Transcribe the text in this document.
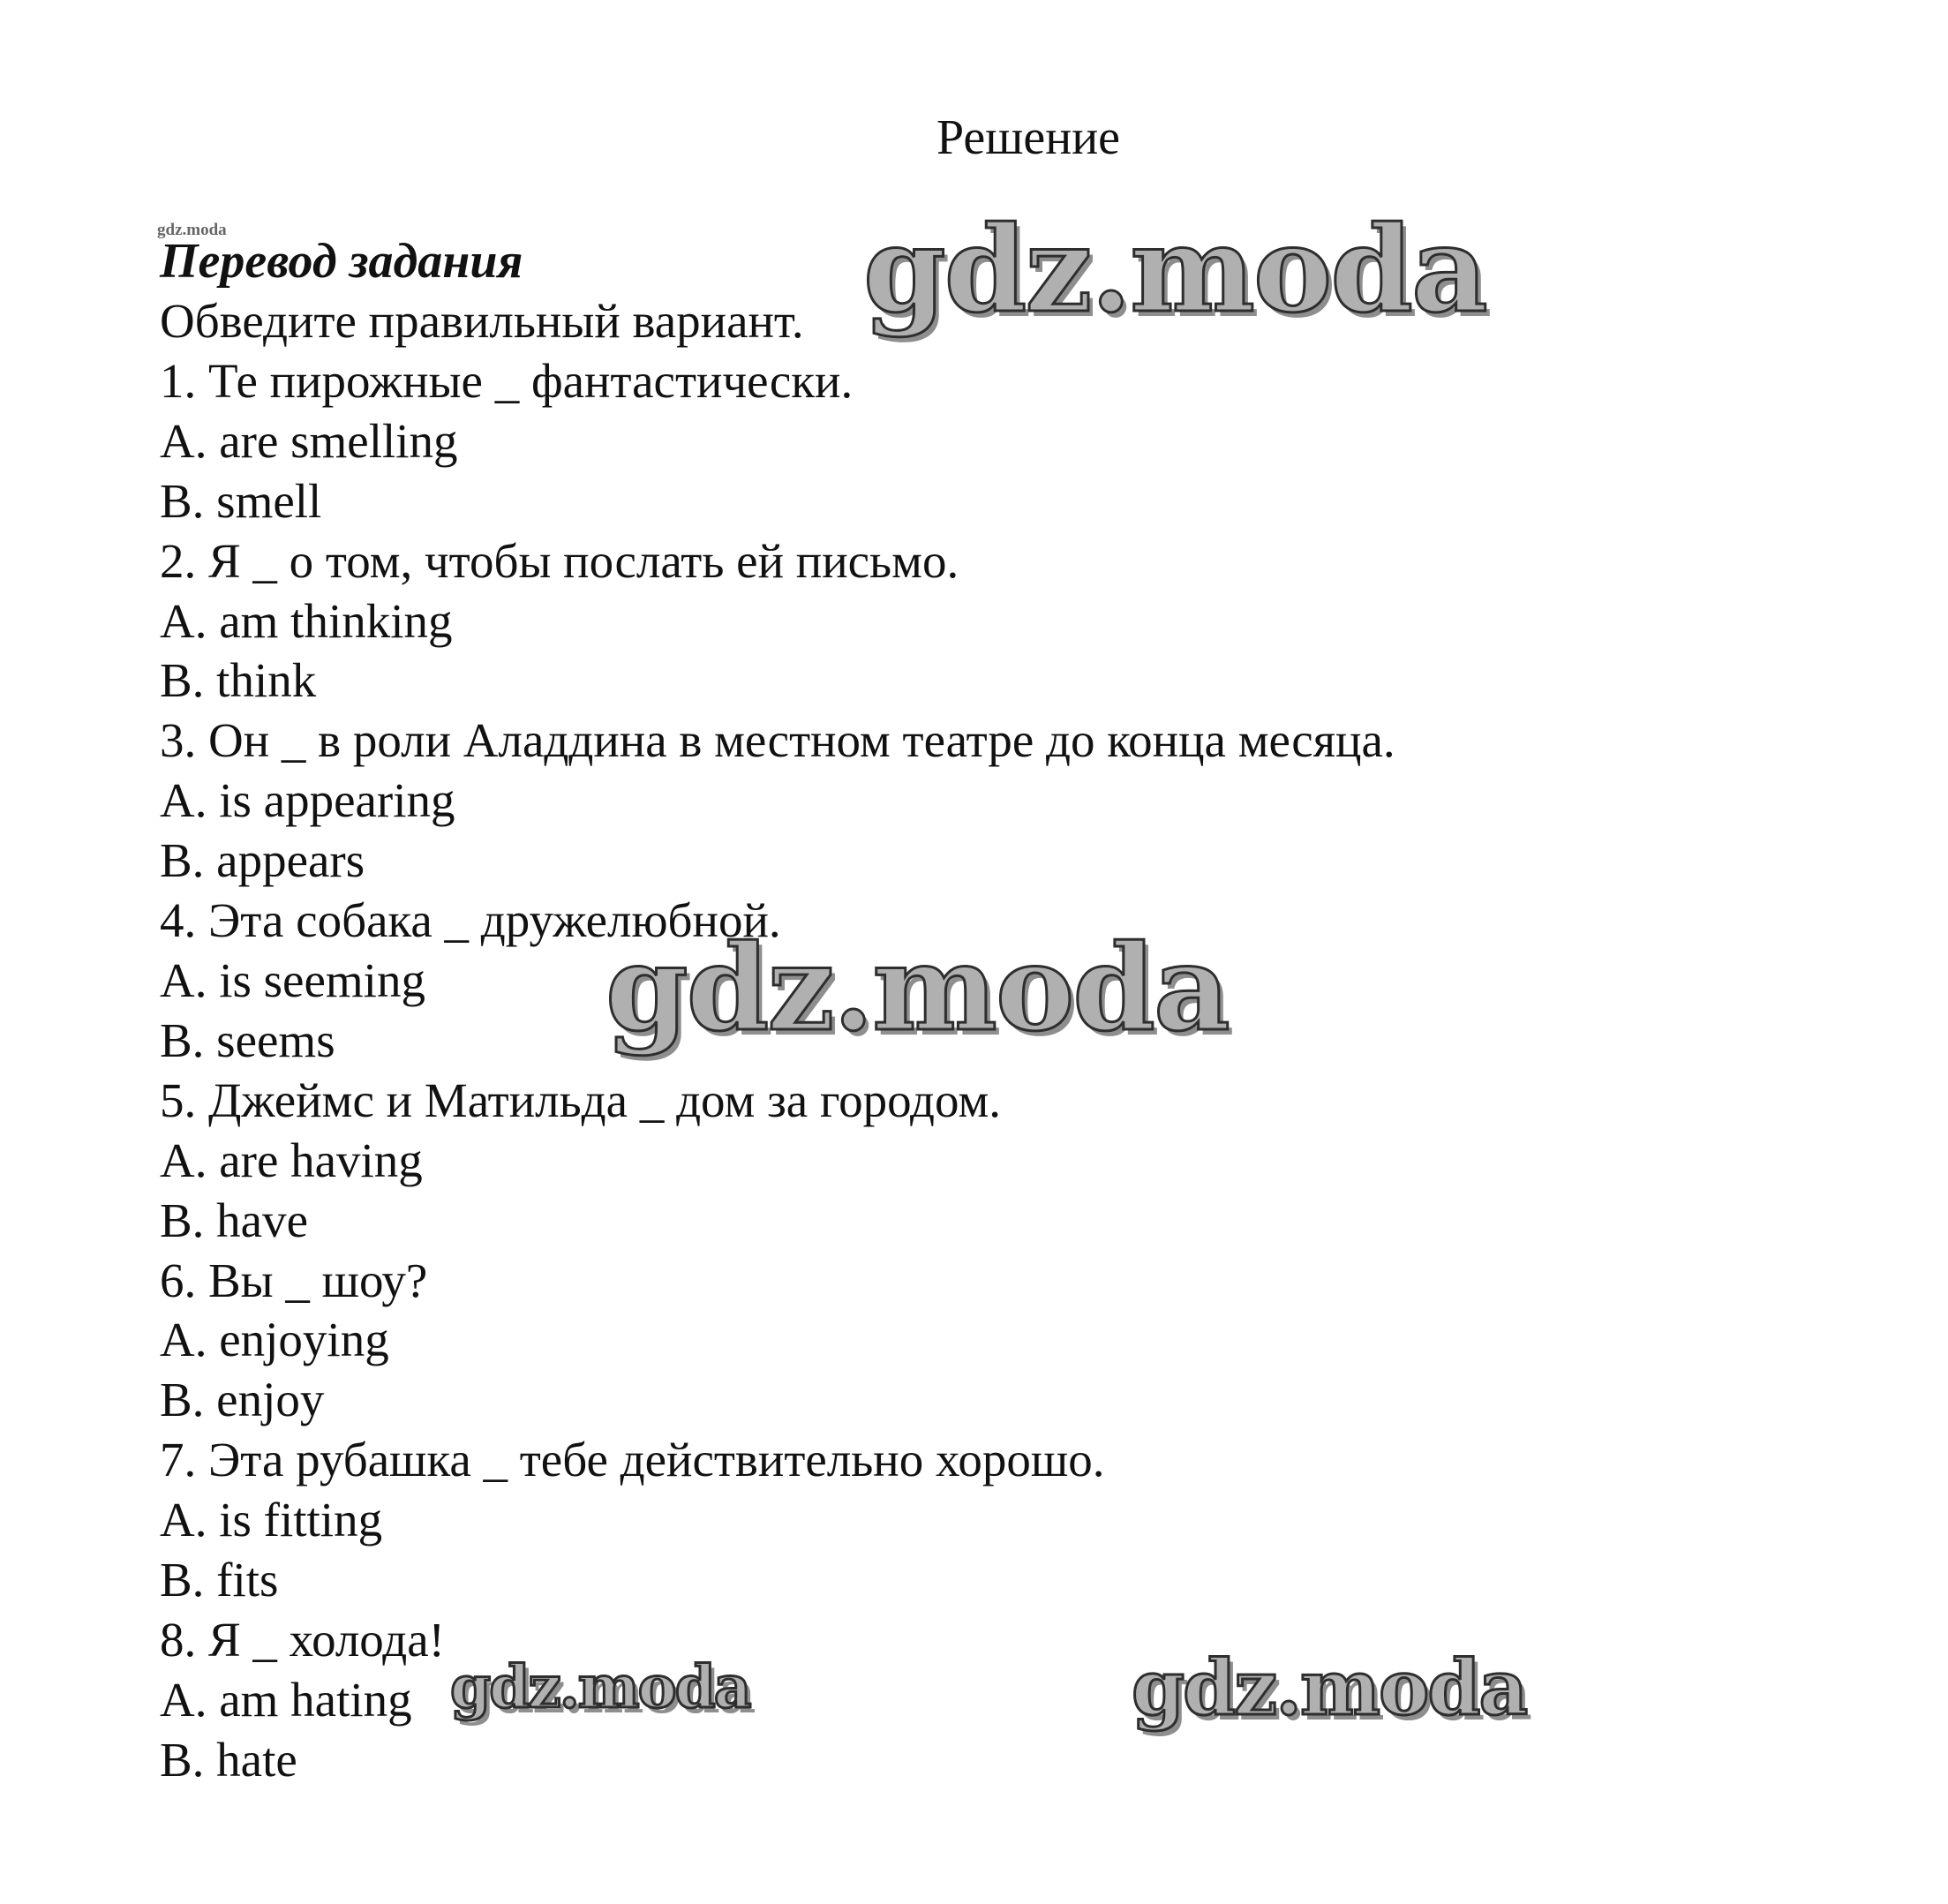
Решение
gdz.moda

Перевод задания

Обведите правильный вариант.

1. Те пирожные _ фантастически.

A. are smelling

B. smell

2. Я _ о том, чтобы послать ей письмо.

A. am thinking

B. think

3. Он _ в роли Аладдина в местном театре до конца месяца.

A. is appearing

B. appears

4. Эта собака _ дружелюбной.

A. is seeming

B. seems

5. Джеймс и Матильда _ дом за городом.

A. are having

B. have

6. Вы _ шоу?

A. enjoying

B. enjoy

7. Эта рубашка _ тебе действительно хорошо.

A. is fitting

B. fits

8. Я _ холода!

A. am hating

B. hate

gdz.moda
gdz.moda
gdz.moda	gdz.moda
